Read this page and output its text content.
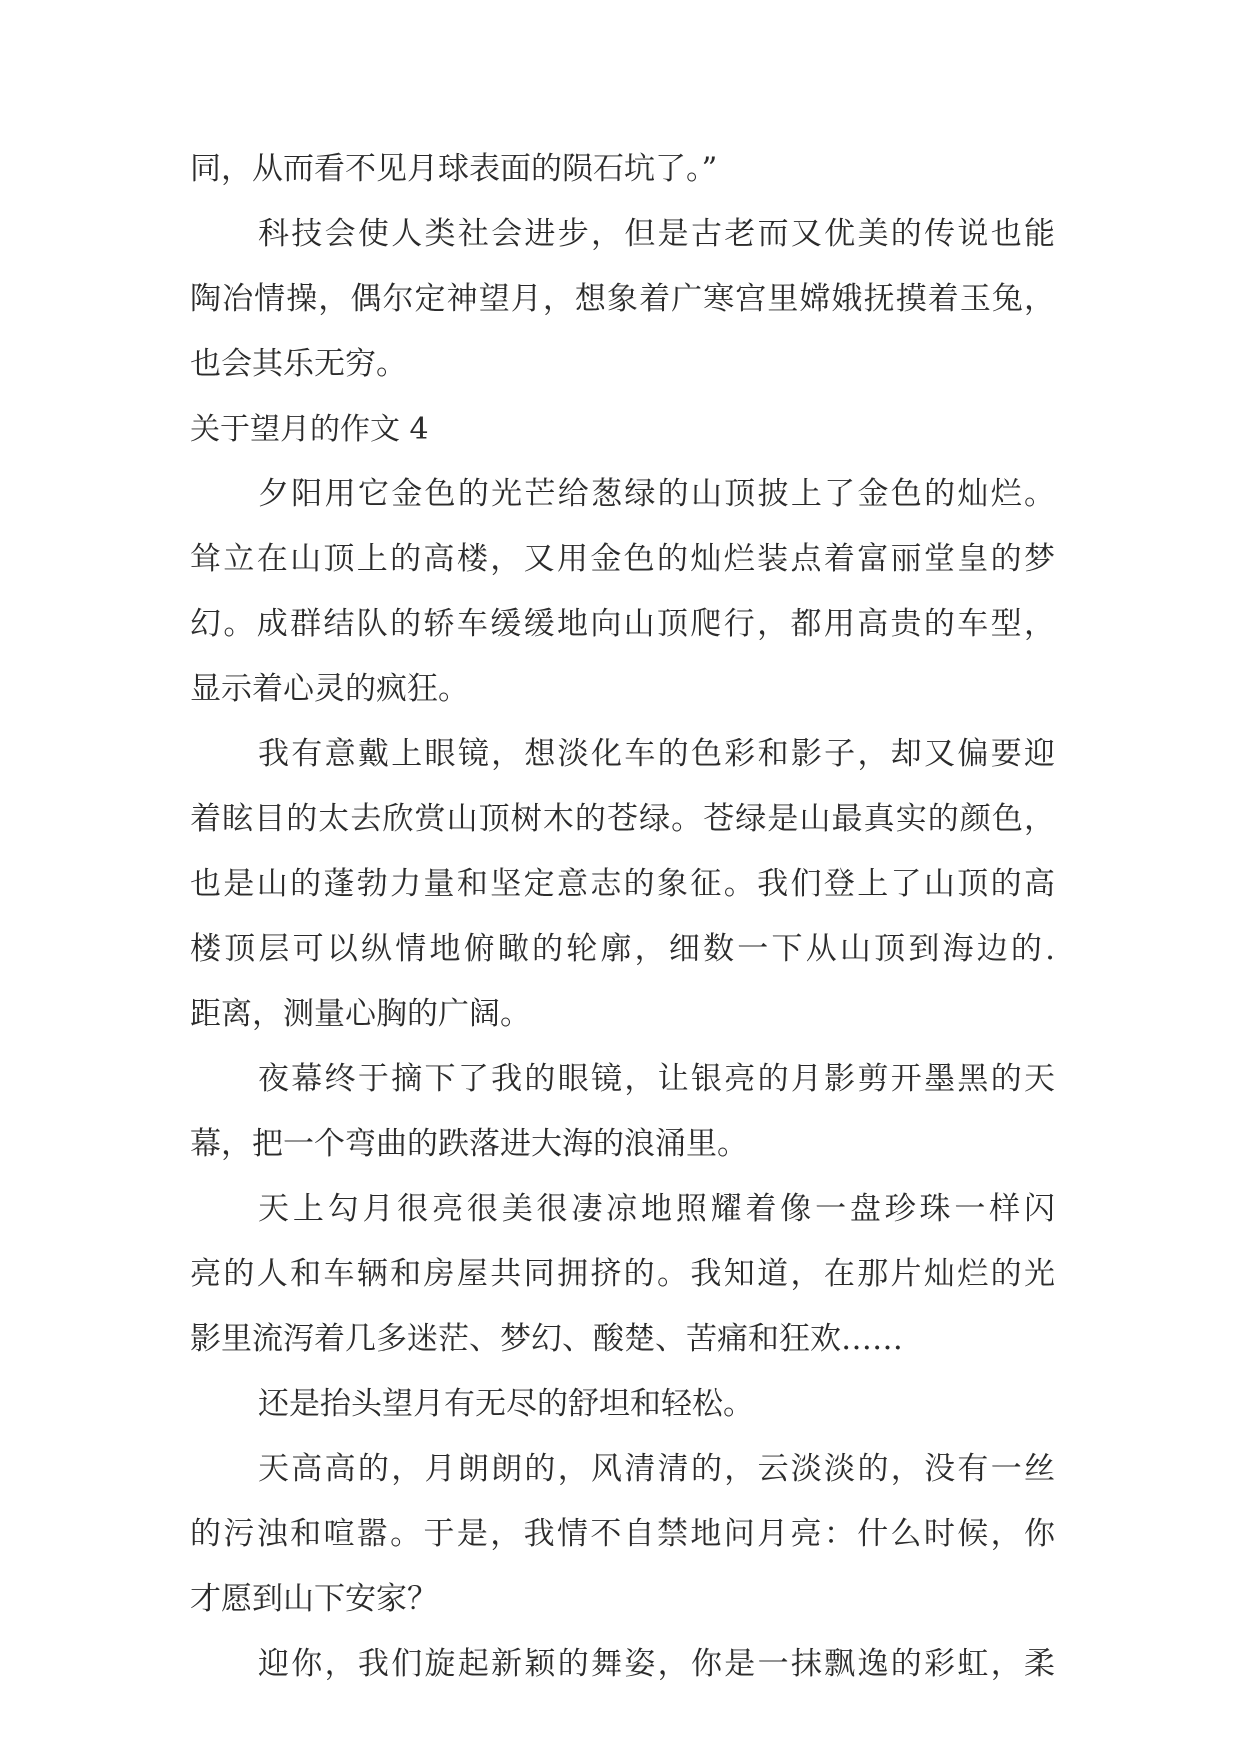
同，从而看不见月球表面的陨石坑了。”
科技会使人类社会进步，但是古老而又优美的传说也能
陶冶情操，偶尔定神望月，想象着广寒宫里嫦娥抚摸着玉兔，
也会其乐无穷。
关于望月的作文 4
夕阳用它金色的光芒给葱绿的山顶披上了金色的灿烂。
耸立在山顶上的高楼，又用金色的灿烂装点着富丽堂皇的梦
幻。成群结队的轿车缓缓地向山顶爬行，都用高贵的车型，
显示着心灵的疯狂。
我有意戴上眼镜，想淡化车的色彩和影子，却又偏要迎
着眩目的太去欣赏山顶树木的苍绿。苍绿是山最真实的颜色，
也是山的蓬勃力量和坚定意志的象征。我们登上了山顶的高
楼顶层可以纵情地俯瞰的轮廓，细数一下从山顶到海边的.
距离，测量心胸的广阔。
夜幕终于摘下了我的眼镜，让银亮的月影剪开墨黑的天
幕，把一个弯曲的跌落进大海的浪涌里。
天上勾月很亮很美很凄凉地照耀着像一盘珍珠一样闪
亮的人和车辆和房屋共同拥挤的。我知道，在那片灿烂的光
影里流泻着几多迷茫、梦幻、酸楚、苦痛和狂欢……
还是抬头望月有无尽的舒坦和轻松。
天高高的，月朗朗的，风清清的，云淡淡的，没有一丝
的污浊和喧嚣。于是，我情不自禁地问月亮：什么时候，你
才愿到山下安家？
迎你，我们旋起新颖的舞姿，你是一抹飘逸的彩虹，柔
